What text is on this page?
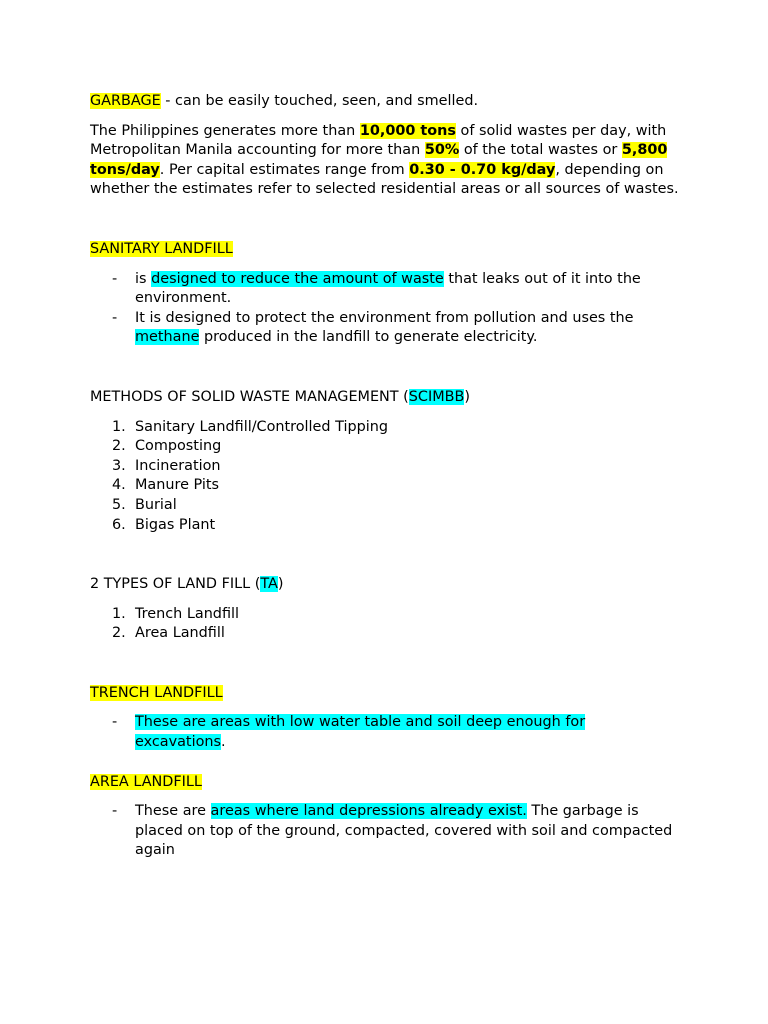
GARBAGE - can be easily touched, seen, and smelled.

The Philippines generates more than 10,000 tons of solid wastes per day, with Metropolitan Manila accounting for more than 50% of the total wastes or 5,800 tons/day. Per capital estimates range from 0.30 - 0.70 kg/day, depending on whether the estimates refer to selected residential areas or all sources of wastes.

SANITARY LANDFILL

- is designed to reduce the amount of waste that leaks out of it into the environment.
- It is designed to protect the environment from pollution and uses the methane produced in the landfill to generate electricity.

METHODS OF SOLID WASTE MANAGEMENT (SCIMBB)

1. Sanitary Landfill/Controlled Tipping
2. Composting
3. Incineration
4. Manure Pits
5. Burial
6. Bigas Plant

2 TYPES OF LAND FILL (TA)

1. Trench Landfill
2. Area Landfill

TRENCH LANDFILL

- These are areas with low water table and soil deep enough for excavations.

AREA LANDFILL

- These are areas where land depressions already exist. The garbage is placed on top of the ground, compacted, covered with soil and compacted again
